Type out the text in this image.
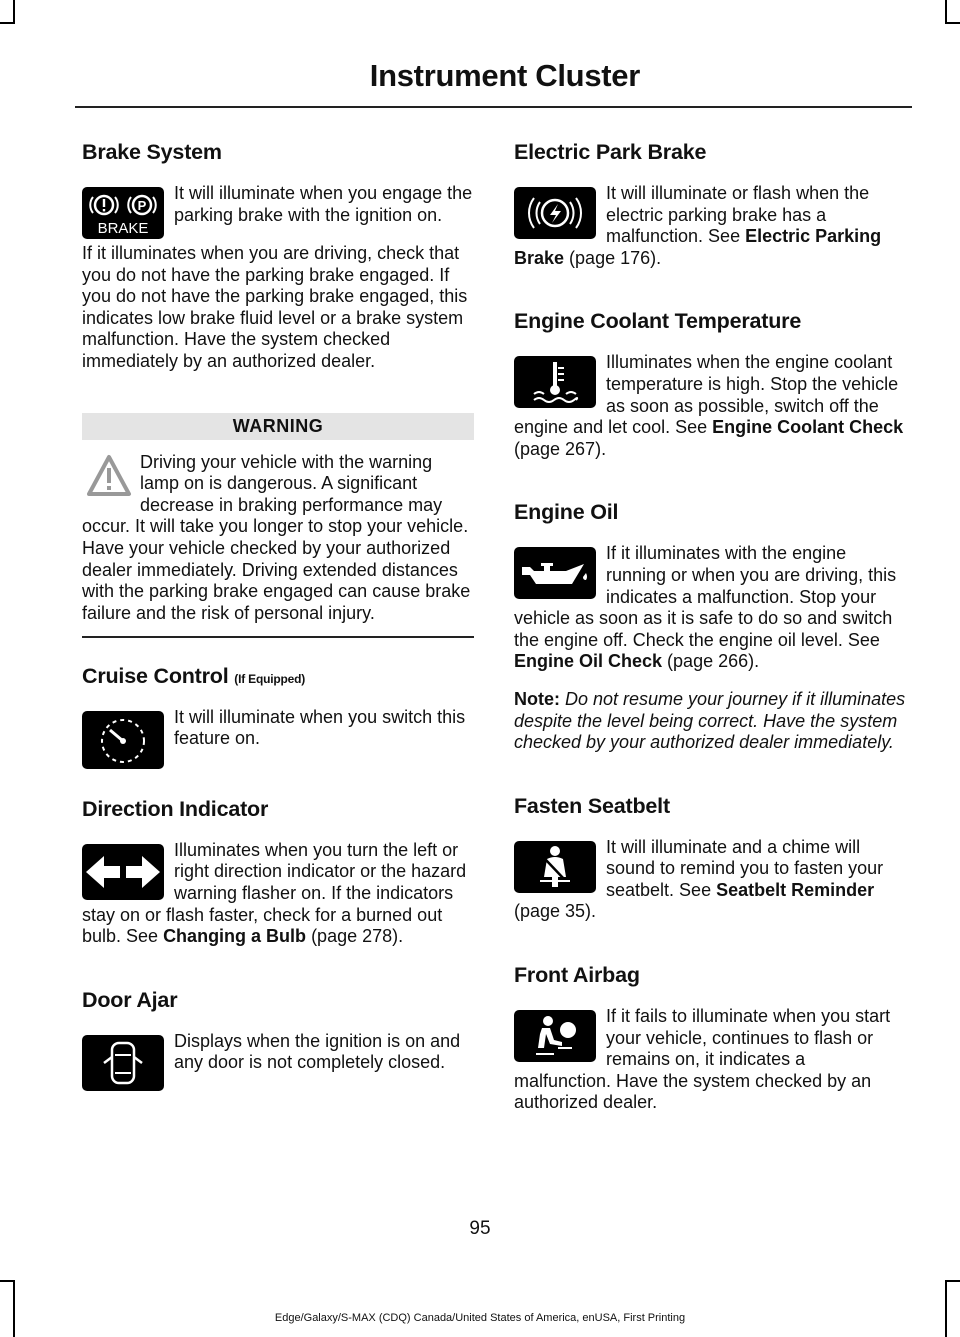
Instrument Cluster
Brake System
P
BRAKE

It will illuminate when you engage the parking brake with the ignition on.

If it illuminates when you are driving, check that you do not have the parking brake engaged. If you do not have the parking brake engaged, this indicates low brake fluid level or a brake system malfunction. Have the system checked immediately by an authorized dealer.

WARNING

Driving your vehicle with the warning lamp on is dangerous. A significant decrease in braking performance may occur. It will take you longer to stop your vehicle. Have your vehicle checked by your authorized dealer immediately. Driving extended distances with the parking brake engaged can cause brake failure and the risk of personal injury.

Cruise Control (If Equipped)

It will illuminate when you switch this feature on.

Direction Indicator

Illuminates when you turn the left or right direction indicator or the hazard warning flasher on. If the indicators stay on or flash faster, check for a burned out bulb. See Changing a Bulb (page 278).

Door Ajar

Displays when the ignition is on and any door is not completely closed.

Electric Park Brake

It will illuminate or flash when the electric parking brake has a malfunction. See Electric Parking Brake (page 176).

Engine Coolant Temperature

Illuminates when the engine coolant temperature is high. Stop the vehicle as soon as possible, switch off the engine and let cool. See Engine Coolant Check (page 267).

Engine Oil

If it illuminates with the engine running or when you are driving, this indicates a malfunction. Stop your vehicle as soon as it is safe to do so and switch the engine off. Check the engine oil level. See Engine Oil Check (page 266).

Note: Do not resume your journey if it illuminates despite the level being correct. Have the system checked by your authorized dealer immediately.

Fasten Seatbelt

It will illuminate and a chime will sound to remind you to fasten your seatbelt. See Seatbelt Reminder (page 35).

Front Airbag

If it fails to illuminate when you start your vehicle, continues to flash or remains on, it indicates a malfunction. Have the system checked by an authorized dealer.

95
Edge/Galaxy/S-MAX (CDQ) Canada/United States of America, enUSA, First Printing
